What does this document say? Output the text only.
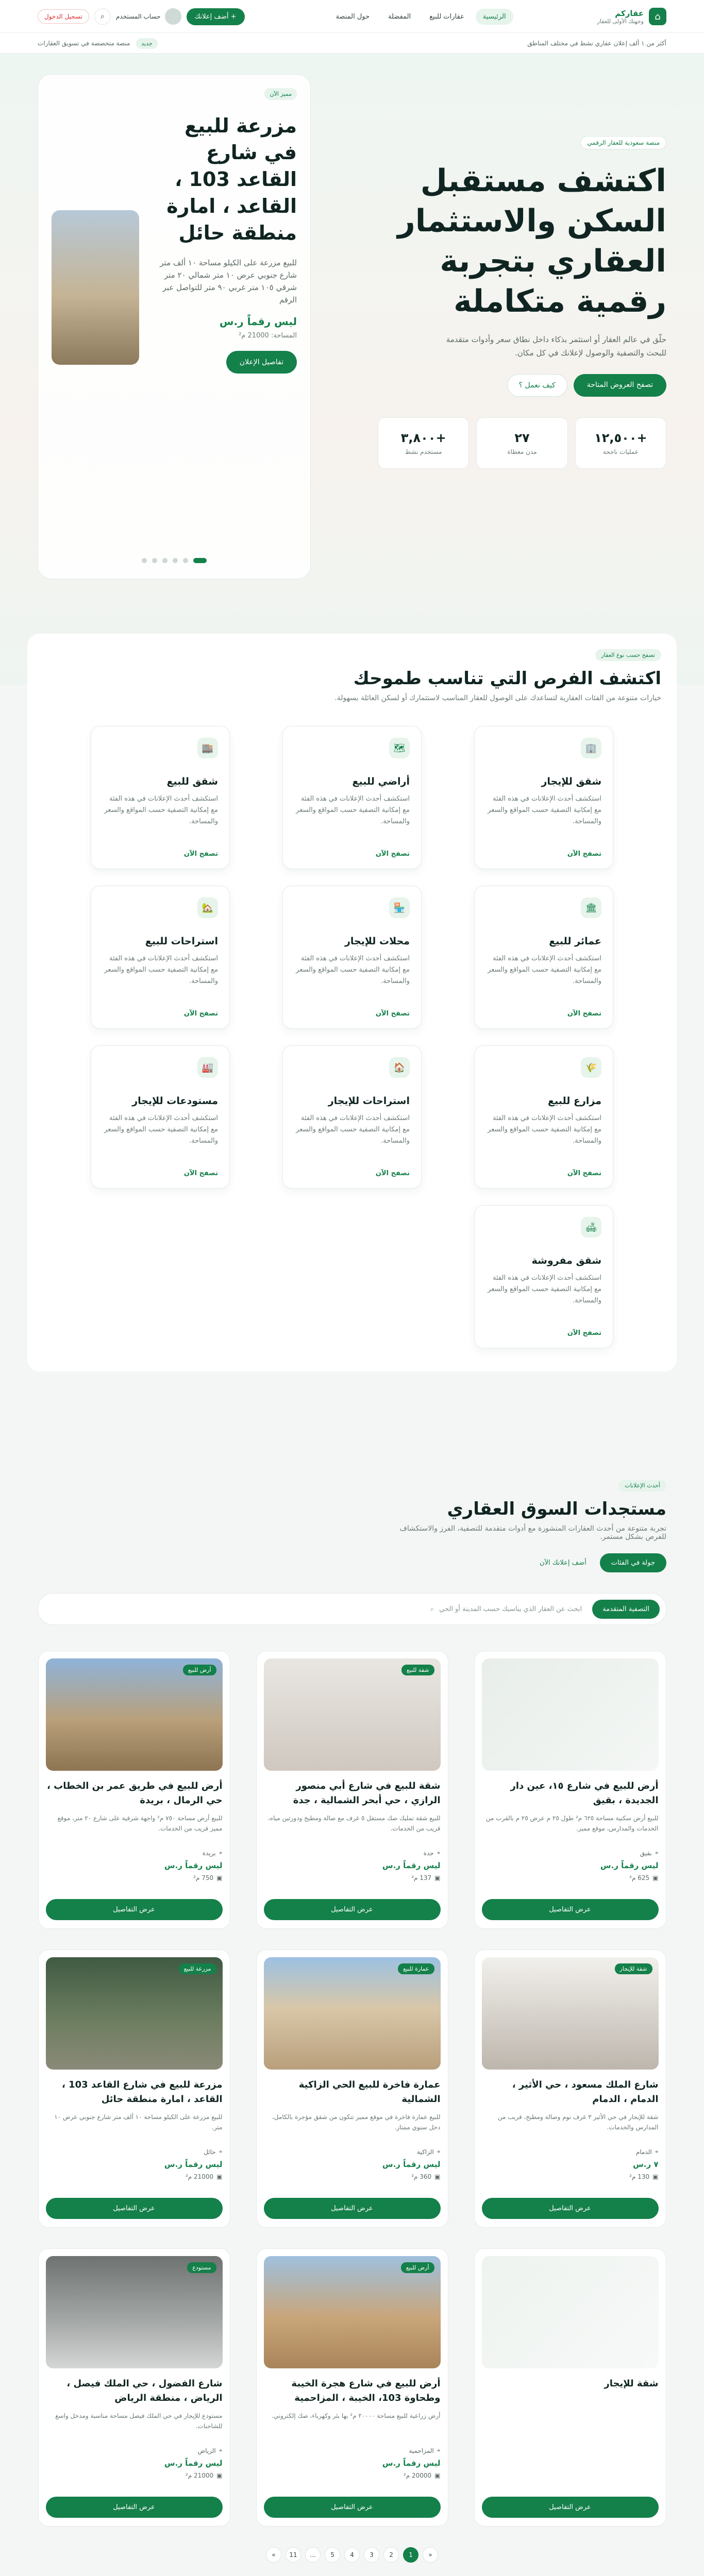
⌂
عقاركم
وجهتك الأولى للعقار
الرئيسية
عقارات للبيع
المفضلة
حول المنصة
+ أضف إعلانك
حساب المستخدم
⌕
تسجيل الدخول
أكثر من ١ ألف إعلان عقاري نشط في مختلف المناطق
جديد منصة متخصصة في تسويق العقارات
منصة سعودية للعقار الرقمي
اكتشف مستقبل السكن والاستثمار العقاري بتجربة رقمية متكاملة

حلّق في عالم العقار أو استثمر بذكاء داخل نطاق سعر وأدوات متقدمة للبحث والتصفية والوصول لإعلانك في كل مكان.

تصفح العروض المتاحة
كيف نعمل ؟
+١٢,٥٠٠
عمليات ناجحة
٢٧
مدن مغطاة
+٣,٨٠٠
مستخدم نشط
مميز الآن
مزرعة للبيع في شارع القاعد 103 ، القاعد ، امارة منطقة حائل

للبيع مزرعة على الكيلو مساحة ١٠ ألف متر شارع جنوبي عرض ١٠ متر شمالي ٢٠ متر شرقي ١٠٥ متر غربي ٩٠ متر للتواصل عبر الرقم

ليس رقماً ر.س
المساحة: 21000 م²
تفاصيل الإعلان
تصفح حسب نوع العقار
اكتشف الفرص التي تناسب طموحك

خيارات متنوعة من الفئات العقارية لتساعدك على الوصول للعقار المناسب لاستثمارك أو لسكن العائلة بسهولة.

🏢
شقق للإيجار
استكشف أحدث الإعلانات في هذه الفئة مع إمكانية التصفية حسب المواقع والسعر والمساحة.
تصفح الآن
🗺
أراضي للبيع
استكشف أحدث الإعلانات في هذه الفئة مع إمكانية التصفية حسب المواقع والسعر والمساحة.
تصفح الآن
🏬
شقق للبيع
استكشف أحدث الإعلانات في هذه الفئة مع إمكانية التصفية حسب المواقع والسعر والمساحة.
تصفح الآن
🏛
عمائر للبيع
استكشف أحدث الإعلانات في هذه الفئة مع إمكانية التصفية حسب المواقع والسعر والمساحة.
تصفح الآن
🏪
محلات للإيجار
استكشف أحدث الإعلانات في هذه الفئة مع إمكانية التصفية حسب المواقع والسعر والمساحة.
تصفح الآن
🏡
استراحات للبيع
استكشف أحدث الإعلانات في هذه الفئة مع إمكانية التصفية حسب المواقع والسعر والمساحة.
تصفح الآن
🌾
مزارع للبيع
استكشف أحدث الإعلانات في هذه الفئة مع إمكانية التصفية حسب المواقع والسعر والمساحة.
تصفح الآن
🏠
استراحات للإيجار
استكشف أحدث الإعلانات في هذه الفئة مع إمكانية التصفية حسب المواقع والسعر والمساحة.
تصفح الآن
🏭
مستودعات للإيجار
استكشف أحدث الإعلانات في هذه الفئة مع إمكانية التصفية حسب المواقع والسعر والمساحة.
تصفح الآن
🛋
شقق مفروشة
استكشف أحدث الإعلانات في هذه الفئة مع إمكانية التصفية حسب المواقع والسعر والمساحة.
تصفح الآن
أحدث الإعلانات
مستجدات السوق العقاري

تجربة متنوعة من أحدث العقارات المنشورة مع أدوات متقدمة للتصفية، الفرز والاستكشاف للفرص بشكل مستمر.

جولة في الفئات
أضف إعلانك الآن
التصفية المتقدمة
ابحث عن العقار الذي يناسبك حسب المدينة أو الحي
⌕
أرض للبيع في شارع ١٥، عين دار الجديدة ، بقيق
للبيع أرض سكنية مساحة ٦٢٥ م² طول ٢٥ م عرض ٢٥ م بالقرب من الخدمات والمدارس، موقع مميز.
⌖
بقيق
ليس رقماً ر.س
▣
625 م²
عرض التفاصيل
شقة للبيع
شقة للبيع في شارع أبي منصور الرازي ، حي أبحر الشمالية ، جدة
للبيع شقة تمليك صك مستقل ٥ غرف مع صالة ومطبخ ودورتين مياه، قريب من الخدمات.
⌖
جدة
ليس رقماً ر.س
▣
137 م²
عرض التفاصيل
أرض للبيع
أرض للبيع في طريق عمر بن الخطاب ، حي الرمال ، بريدة
للبيع أرض مساحة ٧٥٠ م² واجهة شرقية على شارع ٢٠ متر، موقع مميز قريب من الخدمات.
⌖
بريدة
ليس رقماً ر.س
▣
750 م²
عرض التفاصيل
شقة للإيجار
شارع الملك مسعود ، حي الأثير ، الدمام ، الدمام
شقة للإيجار في حي الأثير ٣ غرف نوم وصالة ومطبخ، قريب من المدارس والخدمات.
⌖
الدمام
٧ ر.س
▣
130 م²
عرض التفاصيل
عمارة للبيع
عمارة فاخرة للبيع الحي الزاكية الشمالية
للبيع عمارة فاخرة في موقع مميز تتكون من شقق مؤجرة بالكامل، دخل سنوي ممتاز.
⌖
الزاكية
ليس رقماً ر.س
▣
360 م²
عرض التفاصيل
مزرعة للبيع
مزرعة للبيع في شارع القاعد 103 ، القاعد ، امارة منطقة حائل
للبيع مزرعة على الكيلو مساحة ١٠ ألف متر شارع جنوبي عرض ١٠ متر.
⌖
حائل
ليس رقماً ر.س
▣
21000 م²
عرض التفاصيل
شقة للإيجار
عرض التفاصيل
أرض للبيع
أرض للبيع في شارع هجرة الخيبة وطحاوة 103، الخيبة ، المزاحمية
أرض زراعية للبيع مساحة ٢٠٠٠٠ م² بها بئر وكهرباء، صك إلكتروني.
⌖
المزاحمية
ليس رقماً ر.س
▣
20000 م²
عرض التفاصيل
مستودع
شارع الفضول ، حي الملك فيصل ، الرياض ، منطقة الرياض
مستودع للإيجار في حي الملك فيصل مساحة مناسبة ومدخل واسع للشاحنات.
⌖
الرياض
ليس رقماً ر.س
▣
21000 م²
عرض التفاصيل
«
1
2
3
4
5
...
11
»
